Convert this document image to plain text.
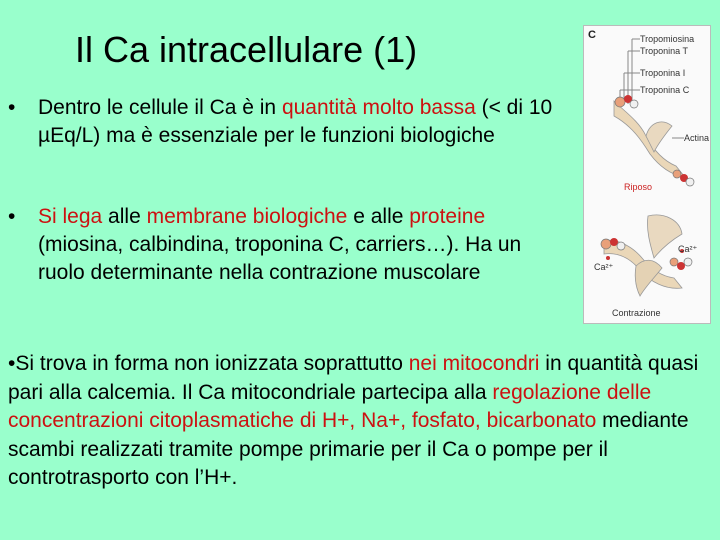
Il Ca intracellulare (1)
•	Dentro le cellule il Ca è in quantità molto bassa (< di 10 µEq/L) ma è essenziale per le funzioni biologiche
•	Si lega alle membrane biologiche e alle proteine (miosina, calbindina, troponina C, carriers…). Ha un ruolo determinante nella contrazione muscolare
•Si trova in forma non ionizzata soprattutto nei mitocondri in quantità quasi pari alla calcemia. Il Ca mitocondriale partecipa alla regolazione delle concentrazioni citoplasmatiche di H+, Na+, fosfato, bicarbonato mediante scambi realizzati tramite pompe primarie per il Ca o pompe per il controtrasporto con l’H+.
C	Tropomiosina
Troponina T
Troponina I
Troponina C
Actina
Riposo
Ca²⁺
Ca²⁺
Contrazione
